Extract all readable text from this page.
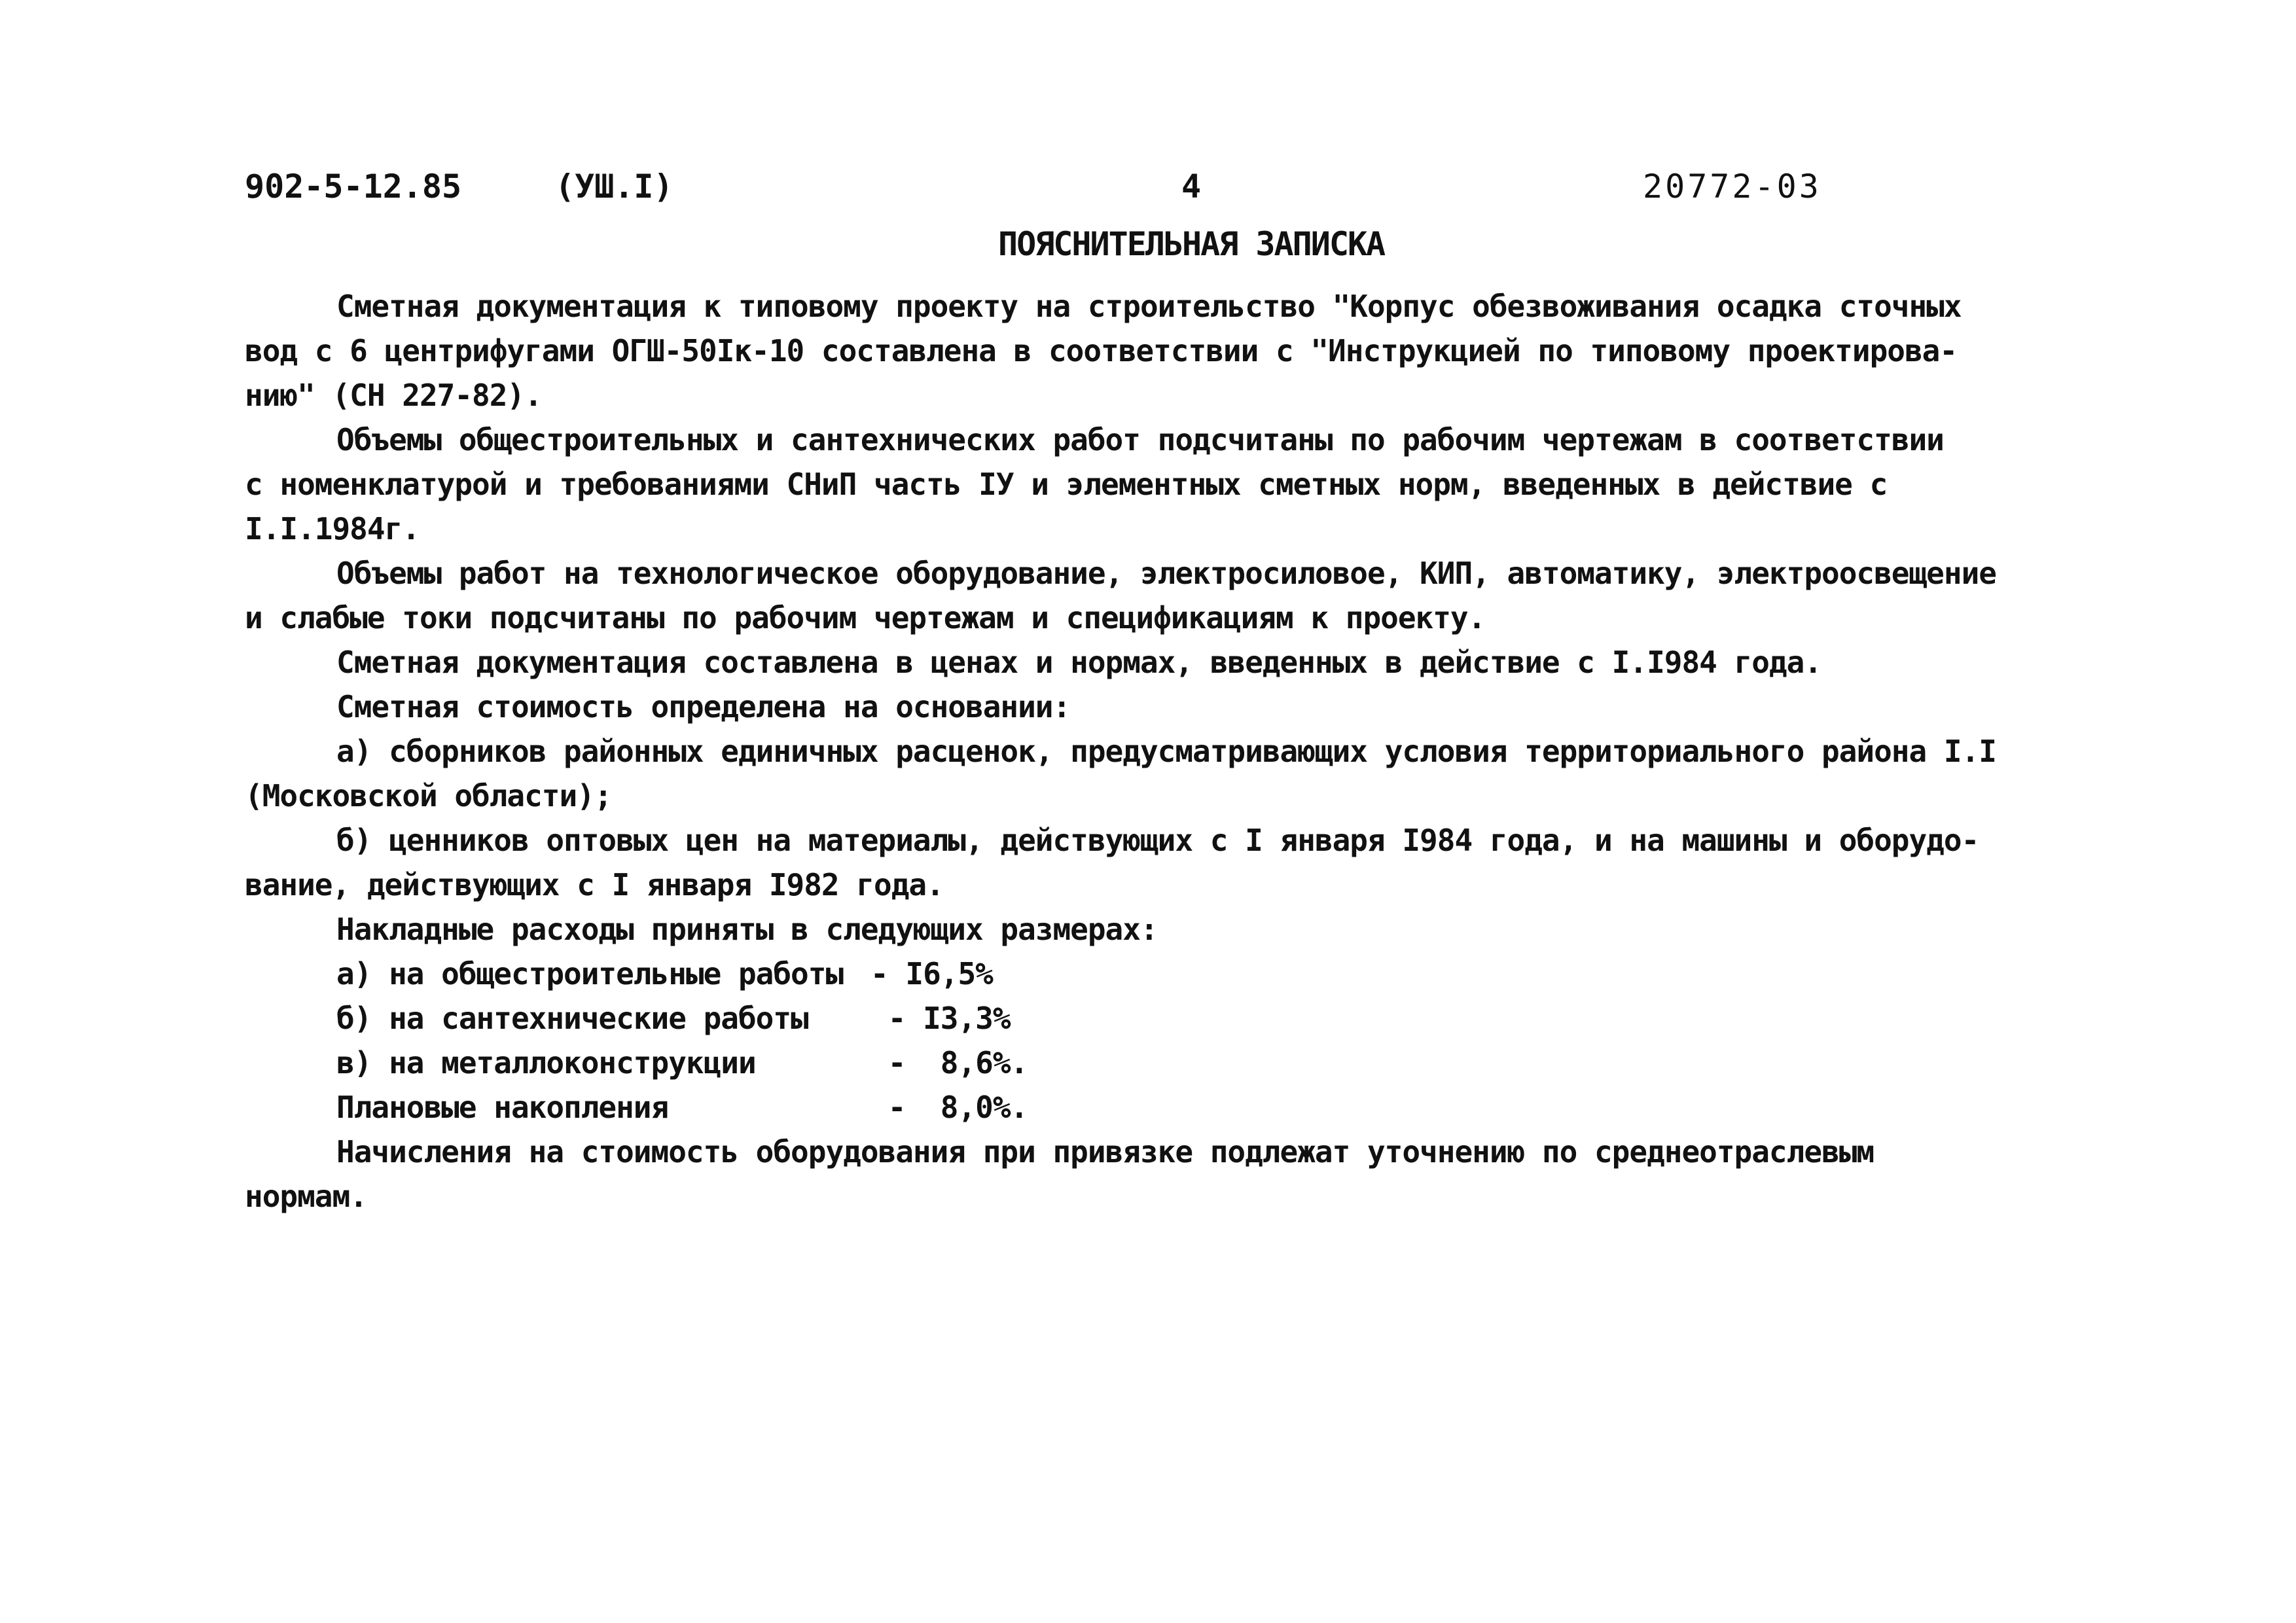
902-5-12.85	(УШ.I)	4	20772-03
ПОЯСНИТЕЛЬНАЯ ЗАПИСКА
Сметная документация к типовому проекту на строительство "Корпус обезвоживания осадка сточных
вод с 6 центрифугами ОГШ-50Iк-10 составлена в соответствии с "Инструкцией по типовому проектирова-
нию" (СН 227-82).
Объемы общестроительных и сантехнических работ подсчитаны по рабочим чертежам в соответствии
с номенклатурой и требованиями СНиП часть IУ и элементных сметных норм, введенных в действие с
I.I.1984г.
Объемы работ на технологическое оборудование, электросиловое, КИП, автоматику, электроосвещение
и слабые токи подсчитаны по рабочим чертежам и спецификациям к проекту.
Сметная документация составлена в ценах и нормах, введенных в действие с I.I984 года.
Сметная стоимость определена на основании:
а) сборников районных единичных расценок, предусматривающих условия территориального района I.I
(Московской области);
б) ценников оптовых цен на материалы, действующих с I января I984 года, и на машины и оборудо-
вание, действующих с I января I982 года.
Накладные расходы приняты в следующих размерах:
а) на общестроительные работы - I6,5%
б) на сантехнические работы - I3,3%
в) на металлоконструкции	-  8,6%.
Плановые накопления	-  8,0%.
Начисления на стоимость оборудования при привязке подлежат уточнению по среднеотраслевым
нормам.
